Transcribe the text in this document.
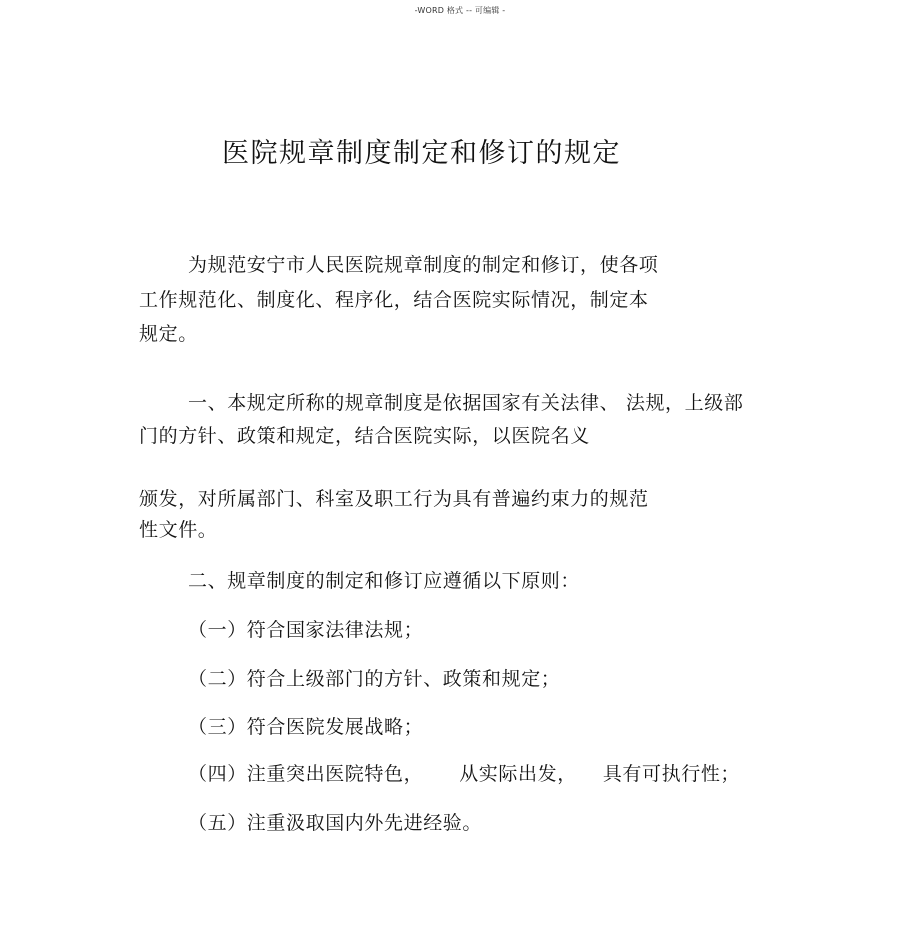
-WORD 格式 -- 可编辑 -
医院规章制度制定和修订的规定
为规范安宁市人民医院规章制度的制定和修订，使各项
工作规范化、制度化、程序化，结合医院实际情况，制定本
规定。
一、本规定所称的规章制度是依据国家有关法律、 法规，上级部
门的方针、政策和规定，结合医院实际，以医院名义
颁发，对所属部门、科室及职工行为具有普遍约束力的规范
性文件。
二、规章制度的制定和修订应遵循以下原则：
（一）符合国家法律法规；
（二）符合上级部门的方针、政策和规定；
（三）符合医院发展战略；
（四）注重突出医院特色， 从实际出发， 具有可执行性；
（五）注重汲取国内外先进经验。
